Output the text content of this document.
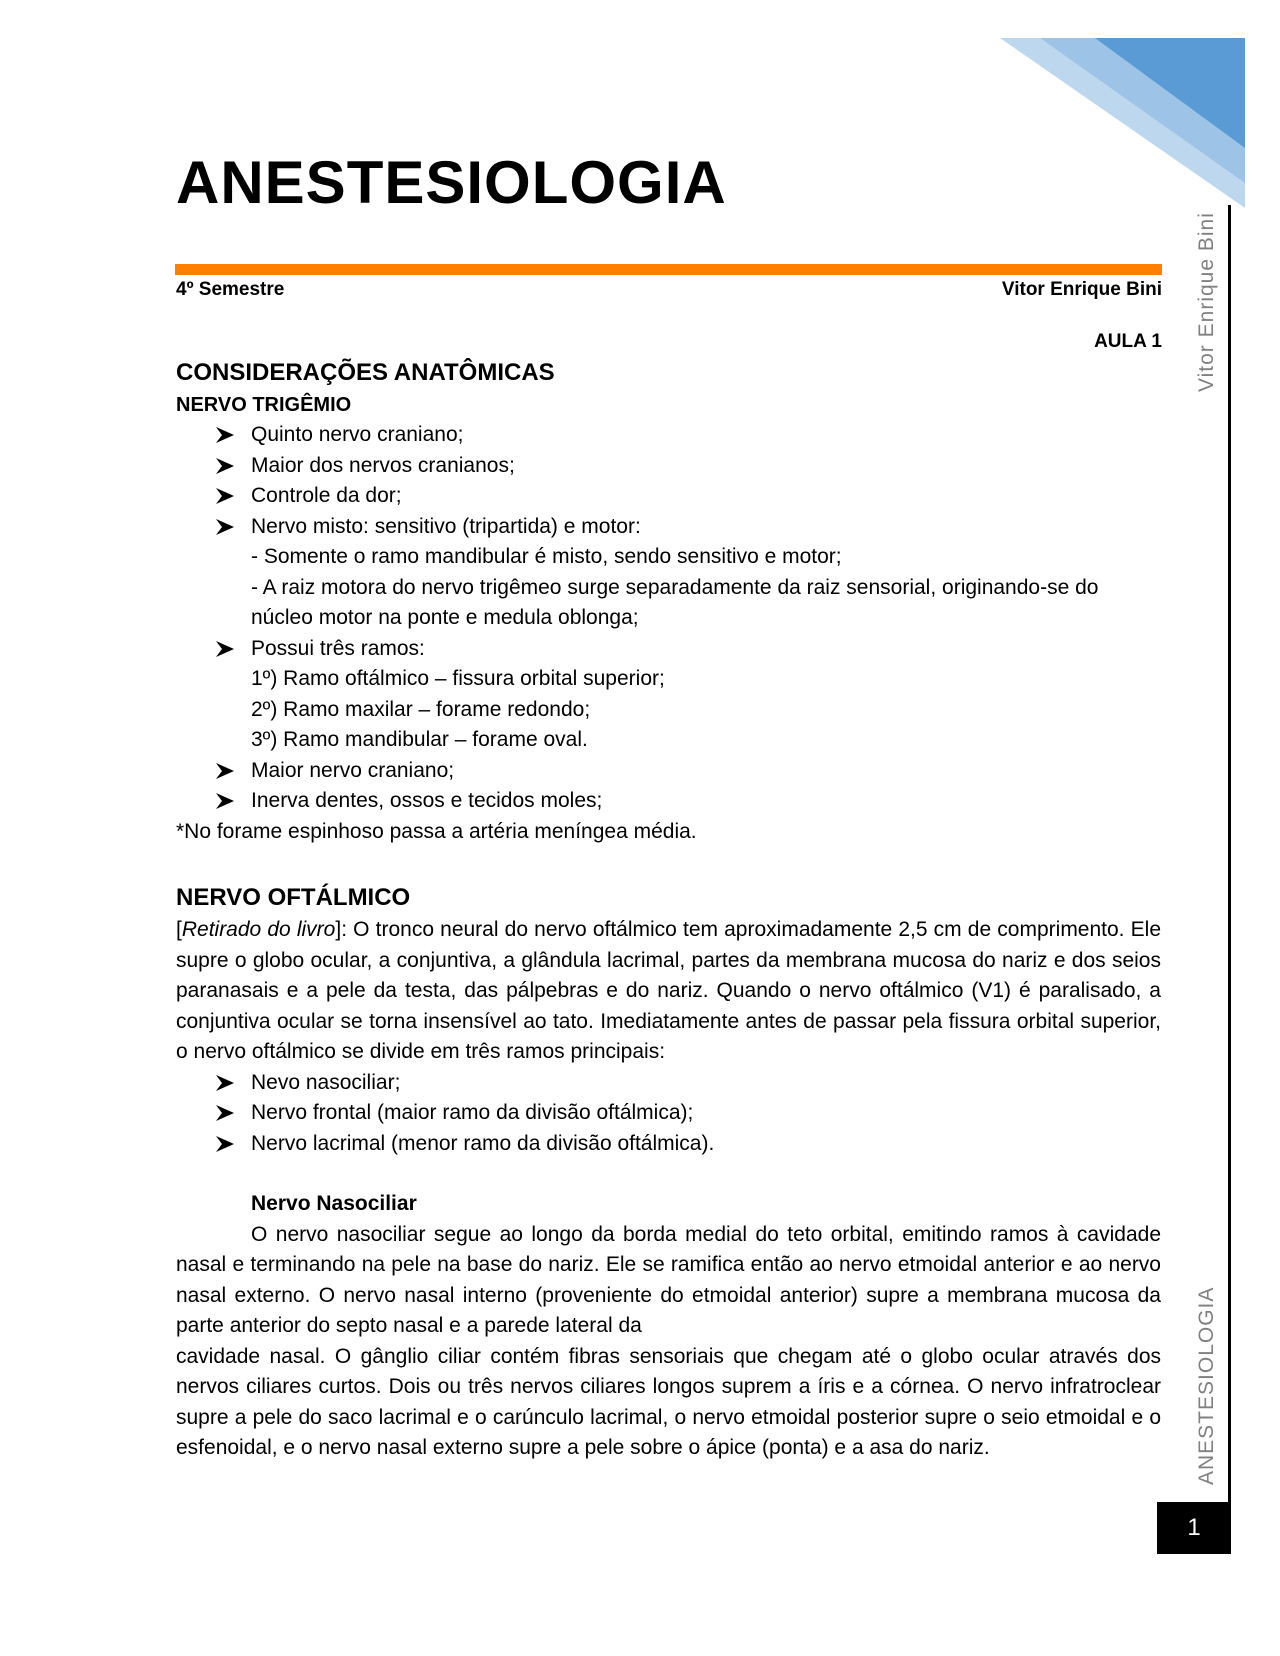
Vitor Enrique Bini
ANESTESIOLOGIA
1
ANESTESIOLOGIA
4º Semestre	Vitor Enrique Bini
AULA 1
CONSIDERAÇÕES ANATÔMICAS
NERVO TRIGÊMIO
Quinto nervo craniano;
Maior dos nervos cranianos;
Controle da dor;
Nervo misto: sensitivo (tripartida) e motor:
- Somente o ramo mandibular é misto, sendo sensitivo e motor;
- A raiz motora do nervo trigêmeo surge separadamente da raiz sensorial, originando-se do núcleo motor na ponte e medula oblonga;
Possui três ramos:
1º) Ramo oftálmico – fissura orbital superior;
2º) Ramo maxilar – forame redondo;
3º) Ramo mandibular – forame oval.
Maior nervo craniano;
Inerva dentes, ossos e tecidos moles;

*No forame espinhoso passa a artéria meníngea média.

NERVO OFTÁLMICO

[Retirado do livro]: O tronco neural do nervo oftálmico tem aproximadamente 2,5 cm de comprimento. Ele supre o globo ocular, a conjuntiva, a glândula lacrimal, partes da membrana mucosa do nariz e dos seios paranasais e a pele da testa, das pálpebras e do nariz. Quando o nervo oftálmico (V1) é paralisado, a conjuntiva ocular se torna insensível ao tato. Imediatamente antes de passar pela fissura orbital superior, o nervo oftálmico se divide em três ramos principais:

Nevo nasociliar;
Nervo frontal (maior ramo da divisão oftálmica);
Nervo lacrimal (menor ramo da divisão oftálmica).
Nervo Nasociliar

O nervo nasociliar segue ao longo da borda medial do teto orbital, emitindo ramos à cavidade nasal e terminando na pele na base do nariz. Ele se ramifica então ao nervo etmoidal anterior e ao nervo nasal externo. O nervo nasal interno (proveniente do etmoidal anterior) supre a membrana mucosa da parte anterior do septo nasal e a parede lateral da

cavidade nasal. O gânglio ciliar contém fibras sensoriais que chegam até o globo ocular através dos nervos ciliares curtos. Dois ou três nervos ciliares longos suprem a íris e a córnea. O nervo infratroclear supre a pele do saco lacrimal e o carúnculo lacrimal, o nervo etmoidal posterior supre o seio etmoidal e o esfenoidal, e o nervo nasal externo supre a pele sobre o ápice (ponta) e a asa do nariz.
